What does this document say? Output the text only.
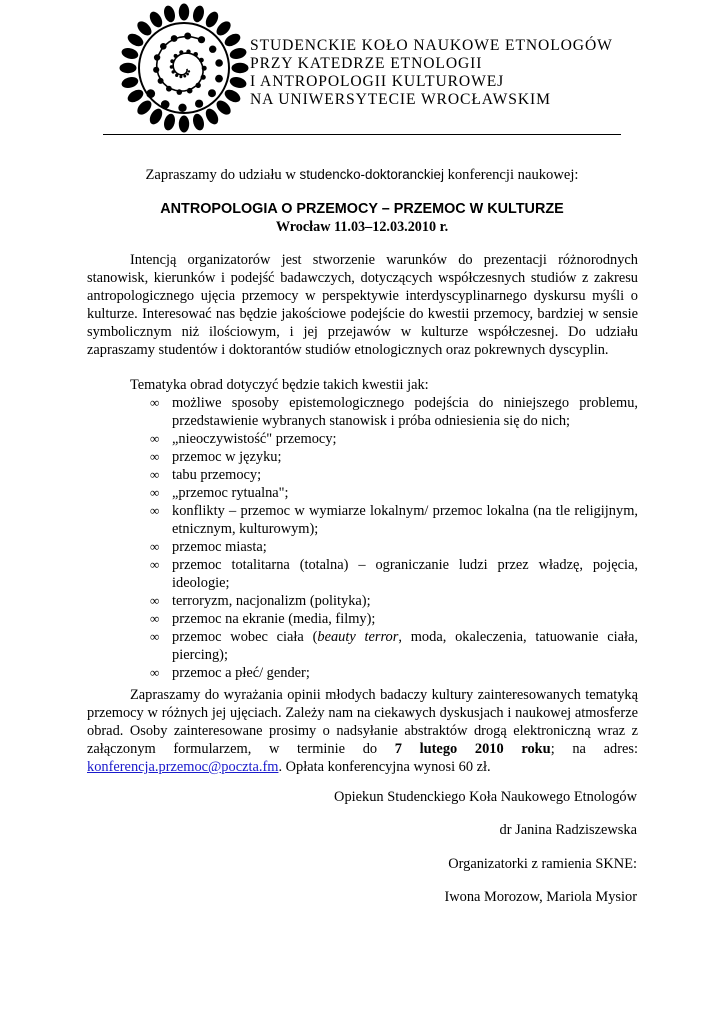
STUDENCKIE KOŁO NAUKOWE ETNOLOGÓW
PRZY KATEDRZE ETNOLOGII
I ANTROPOLOGII KULTUROWEJ
NA UNIWERSYTECIE WROCŁAWSKIM
Zapraszamy do udziału w studencko-doktoranckiej konferencji naukowej:
ANTROPOLOGIA O PRZEMOCY – PRZEMOC W KULTURZE
Wrocław 11.03–12.03.2010 r.

Intencją organizatorów jest stworzenie warunków do prezentacji różnorodnych stanowisk, kierunków i podejść badawczych, dotyczących współczesnych studiów z zakresu antropologicznego ujęcia przemocy w perspektywie interdyscyplinarnego dyskursu myśli o kulturze. Interesować nas będzie jakościowe podejście do kwestii przemocy, bardziej w sensie symbolicznym niż ilościowym, i jej przejawów w kulturze współczesnej. Do udziału zapraszamy studentów i doktorantów studiów etnologicznych oraz pokrewnych dyscyplin.

Tematyka obrad dotyczyć będzie takich kwestii jak:
∞ możliwe sposoby epistemologicznego podejścia do niniejszego problemu, przedstawienie wybranych stanowisk i próba odniesienia się do nich;
∞ „nieoczywistość" przemocy;
∞ przemoc w języku;
∞ tabu przemocy;
∞ „przemoc rytualna";
∞ konflikty – przemoc w wymiarze lokalnym/ przemoc lokalna (na tle religijnym, etnicznym, kulturowym);
∞ przemoc miasta;
∞ przemoc totalitarna (totalna) – ograniczanie ludzi przez władzę, pojęcia, ideologie;
∞ terroryzm, nacjonalizm (polityka);
∞ przemoc na ekranie (media, filmy);
∞ przemoc wobec ciała (beauty terror, moda, okaleczenia, tatuowanie ciała, piercing);
∞ przemoc a płeć/ gender;

Zapraszamy do wyrażania opinii młodych badaczy kultury zainteresowanych tematyką przemocy w różnych jej ujęciach. Zależy nam na ciekawych dyskusjach i naukowej atmosferze obrad. Osoby zainteresowane prosimy o nadsyłanie abstraktów drogą elektroniczną wraz z załączonym formularzem, w terminie do 7 lutego 2010 roku; na adres: konferencja.przemoc@poczta.fm. Opłata konferencyjna wynosi 60 zł.

Opiekun Studenckiego Koła Naukowego Etnologów
dr Janina Radziszewska
Organizatorki z ramienia SKNE:
Iwona Morozow, Mariola Mysior
